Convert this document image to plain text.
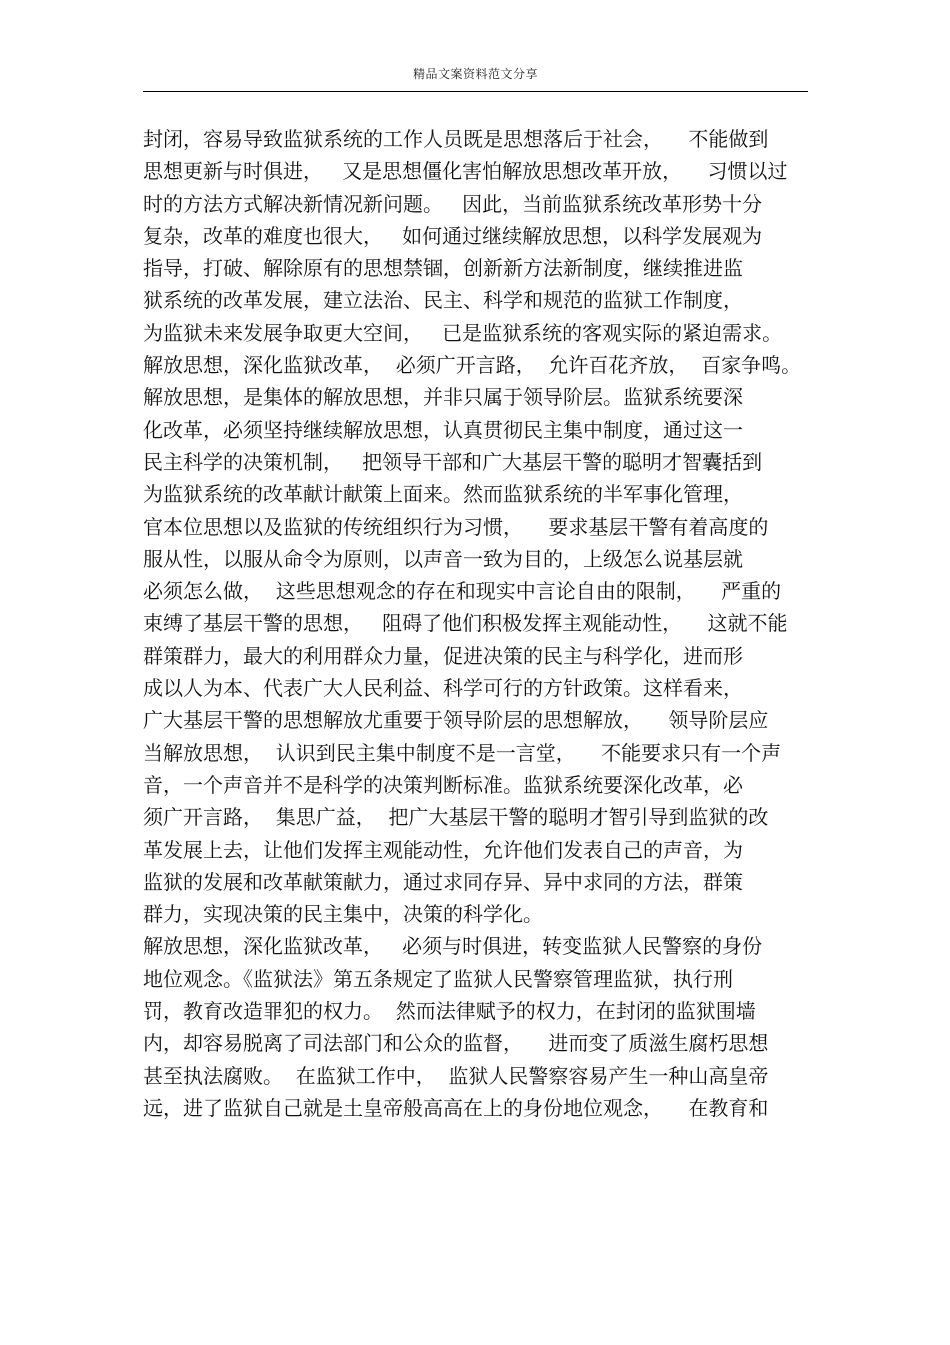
精品文案资料范文分享
封闭，容易导致监狱系统的工作人员既是思想落后于社会，    不能做到
思想更新与时俱进，   又是思想僵化害怕解放思想改革开放，    习惯以过
时的方法方式解决新情况新问题。   因此，当前监狱系统改革形势十分
复杂，改革的难度也很大，   如何通过继续解放思想，以科学发展观为
指导，打破、解除原有的思想禁锢，创新新方法新制度，继续推进监
狱系统的改革发展，建立法治、民主、科学和规范的监狱工作制度，
为监狱未来发展争取更大空间，   已是监狱系统的客观实际的紧迫需求。
解放思想，深化监狱改革，  必须广开言路，  允许百花齐放，  百家争鸣。
解放思想，是集体的解放思想，并非只属于领导阶层。监狱系统要深
化改革，必须坚持继续解放思想，认真贯彻民主集中制度，通过这一
民主科学的决策机制，   把领导干部和广大基层干警的聪明才智囊括到
为监狱系统的改革献计献策上面来。然而监狱系统的半军事化管理，
官本位思想以及监狱的传统组织行为习惯，    要求基层干警有着高度的
服从性，以服从命令为原则，以声音一致为目的，上级怎么说基层就
必须怎么做，  这些思想观念的存在和现实中言论自由的限制，    严重的
束缚了基层干警的思想，   阻碍了他们积极发挥主观能动性，    这就不能
群策群力，最大的利用群众力量，促进决策的民主与科学化，进而形
成以人为本、代表广大人民利益、科学可行的方针政策。这样看来，
广大基层干警的思想解放尤重要于领导阶层的思想解放，    领导阶层应
当解放思想，  认识到民主集中制度不是一言堂，    不能要求只有一个声
音，一个声音并不是科学的决策判断标准。监狱系统要深化改革，必
须广开言路，  集思广益，  把广大基层干警的聪明才智引导到监狱的改
革发展上去，让他们发挥主观能动性，允许他们发表自己的声音，为
监狱的发展和改革献策献力，通过求同存异、异中求同的方法，群策
群力，实现决策的民主集中，决策的科学化。
解放思想，深化监狱改革，   必须与时俱进，转变监狱人民警察的身份
地位观念。《监狱法》第五条规定了监狱人民警察管理监狱，执行刑
罚，教育改造罪犯的权力。  然而法律赋予的权力，在封闭的监狱围墙
内，却容易脱离了司法部门和公众的监督，    进而变了质滋生腐朽思想
甚至执法腐败。  在监狱工作中，  监狱人民警察容易产生一种山高皇帝
远，进了监狱自己就是土皇帝般高高在上的身份地位观念，    在教育和
